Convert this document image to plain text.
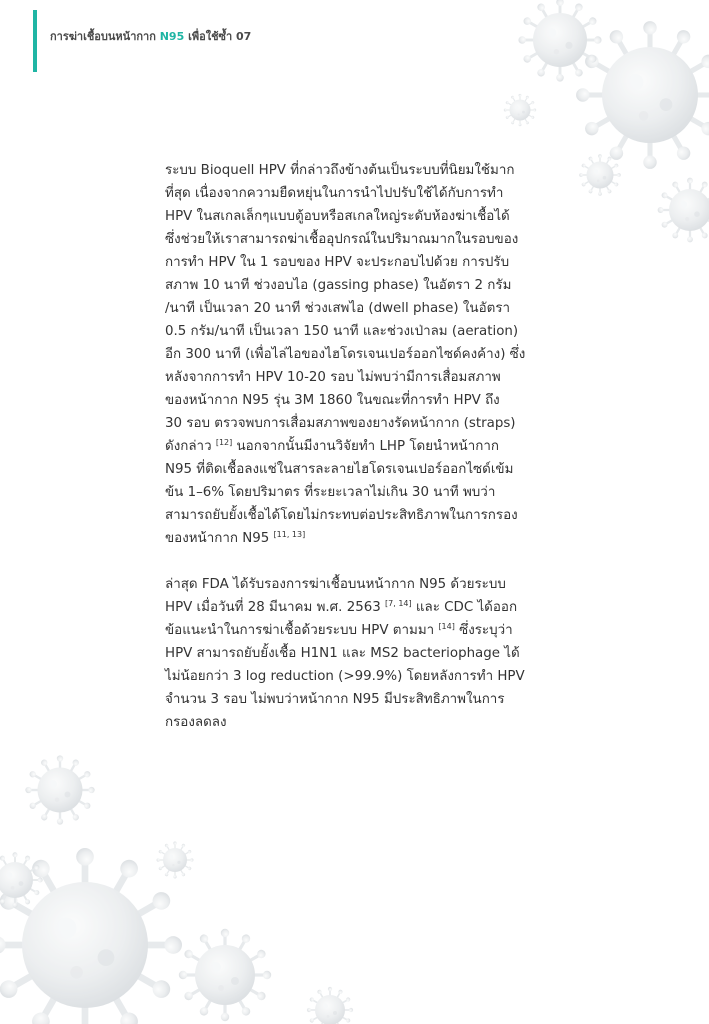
การฆ่าเชื้อบนหน้ากาก N95 เพื่อใช้ซ้ำ 07
ระบบ Bioquell HPV ที่กล่าวถึงข้างต้นเป็นระบบที่นิยมใช้มาก
ที่สุด เนื่องจากความยืดหยุ่นในการนำไปปรับใช้ได้กับการทำ
HPV ในสเกลเล็กๆแบบตู้อบหรือสเกลใหญ่ระดับห้องฆ่าเชื้อได้
ซึ่งช่วยให้เราสามารถฆ่าเชื้ออุปกรณ์ในปริมาณมากในรอบของ
การทำ HPV ใน 1 รอบของ HPV จะประกอบไปด้วย การปรับ
สภาพ 10 นาที ช่วงอบไอ (gassing phase) ในอัตรา 2 กรัม
/นาที เป็นเวลา 20 นาที ช่วงเสพไอ (dwell phase) ในอัตรา
0.5 กรัม/นาที เป็นเวลา 150 นาที และช่วงเป่าลม (aeration)
อีก 300 นาที (เพื่อไล่ไอของไฮโดรเจนเปอร์ออกไซด์คงค้าง) ซึ่ง
หลังจากการทำ HPV 10-20 รอบ ไม่พบว่ามีการเสื่อมสภาพ
ของหน้ากาก N95 รุ่น 3M 1860 ในขณะที่การทำ HPV ถึง
30 รอบ ตรวจพบการเสื่อมสภาพของยางรัดหน้ากาก (straps)
ดังกล่าว [12] นอกจากนั้นมีงานวิจัยทำ LHP โดยนำหน้ากาก
N95 ที่ติดเชื้อลงแช่ในสารละลายไฮโดรเจนเปอร์ออกไซด์เข้ม
ข้น 1–6% โดยปริมาตร ที่ระยะเวลาไม่เกิน 30 นาที พบว่า
สามารถยับยั้งเชื้อได้โดยไม่กระทบต่อประสิทธิภาพในการกรอง
ของหน้ากาก N95 [11, 13]
ล่าสุด FDA ได้รับรองการฆ่าเชื้อบนหน้ากาก N95 ด้วยระบบ
HPV เมื่อวันที่ 28 มีนาคม พ.ศ. 2563 [7, 14] และ CDC ได้ออก
ข้อแนะนำในการฆ่าเชื้อด้วยระบบ HPV ตามมา [14] ซึ่งระบุว่า
HPV สามารถยับยั้งเชื้อ H1N1 และ MS2 bacteriophage ได้
ไม่น้อยกว่า 3 log reduction (>99.9%) โดยหลังการทำ HPV
จำนวน 3 รอบ ไม่พบว่าหน้ากาก N95 มีประสิทธิภาพในการ
กรองลดลง
